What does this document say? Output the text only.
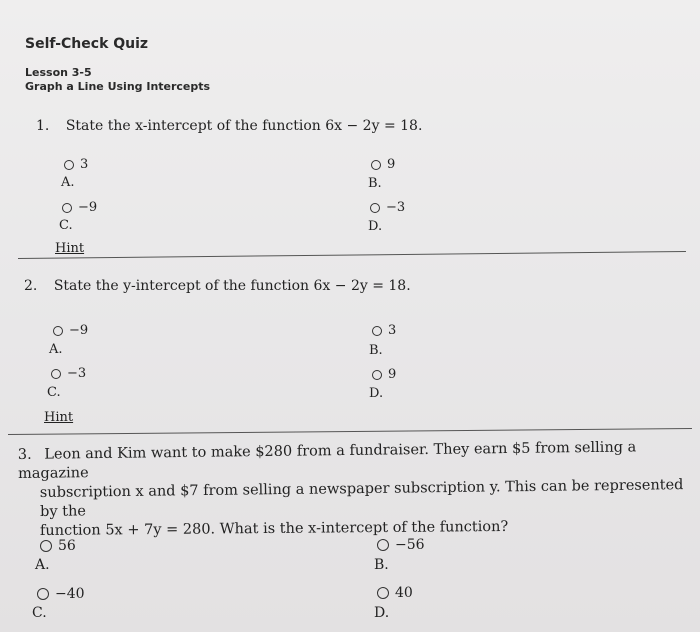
Self-Check Quiz
Lesson 3-5
Graph a Line Using Intercepts
1. State the x-intercept of the function 6x − 2y = 18.
3
A.
9
B.
−9
C.
−3
D.
Hint
2. State the y-intercept of the function 6x − 2y = 18.
−9
A.
3
B.
−3
C.
9
D.
Hint
3. Leon and Kim want to make $280 from a fundraiser. They earn $5 from selling a magazine
subscription x and $7 from selling a newspaper subscription y. This can be represented by the
function 5x + 7y = 280. What is the x-intercept of the function?
56
A.
−56
B.
−40
C.
40
D.
